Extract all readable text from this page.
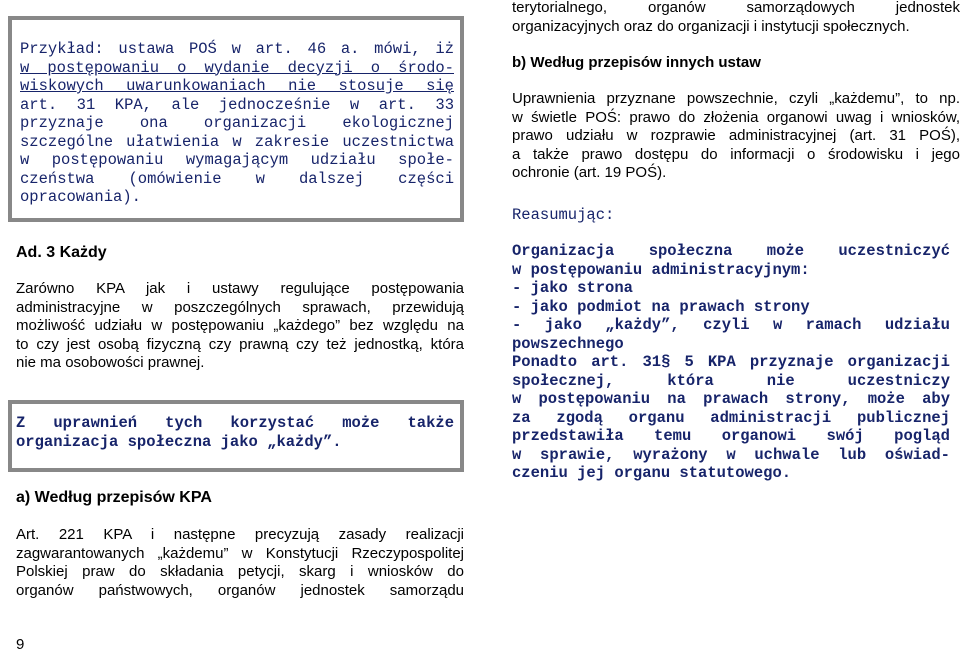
Przykład: ustawa POŚ w art. 46 a. mówi, iż
w postępowaniu o wydanie decyzji o środo-
wiskowych uwarunkowaniach nie stosuje się
art. 31 KPA, ale jednocześnie w art. 33
przyznaje ona organizacji ekologicznej
szczególne ułatwienia w zakresie uczestnictwa
w postępowaniu wymagającym udziału społe-
czeństwa (omówienie w dalszej części
opracowania).
Ad. 3 Każdy
Zarówno KPA jak i ustawy regulujące postępowania
administracyjne w poszczególnych sprawach, przewidują
możliwość udziału w postępowaniu „każdego” bez względu na
to czy jest osobą fizyczną czy prawną czy też jednostką, która
nie ma osobowości prawnej.
Z uprawnień tych korzystać może także
organizacja społeczna jako „każdy”.
a) Według przepisów KPA
Art. 221 KPA i następne precyzują zasady realizacji
zagwarantowanych „każdemu” w Konstytucji Rzeczypospolitej
Polskiej praw do składania petycji, skarg i wniosków do
organów państwowych, organów jednostek samorządu
9
terytorialnego, organów samorządowych jednostek
organizacyjnych oraz do organizacji i instytucji społecznych.
b) Według przepisów innych ustaw
Uprawnienia przyznane powszechnie, czyli „każdemu”, to np.
w świetle POŚ: prawo do złożenia organowi uwag i wniosków,
prawo udziału w rozprawie administracyjnej (art. 31 POŚ),
a także prawo dostępu do informacji o środowisku i jego
ochronie (art. 19 POŚ).
Reasumując:
Organizacja społeczna może uczestniczyć
w postępowaniu administracyjnym:
- jako strona
- jako podmiot na prawach strony
- jako „każdy”, czyli w ramach udziału
powszechnego
Ponadto art. 31§ 5 KPA przyznaje organizacji
społecznej, która nie uczestniczy
w postępowaniu na prawach strony, może aby
za zgodą organu administracji publicznej
przedstawiła temu organowi swój pogląd
w sprawie, wyrażony w uchwale lub oświad-
czeniu jej organu statutowego.
